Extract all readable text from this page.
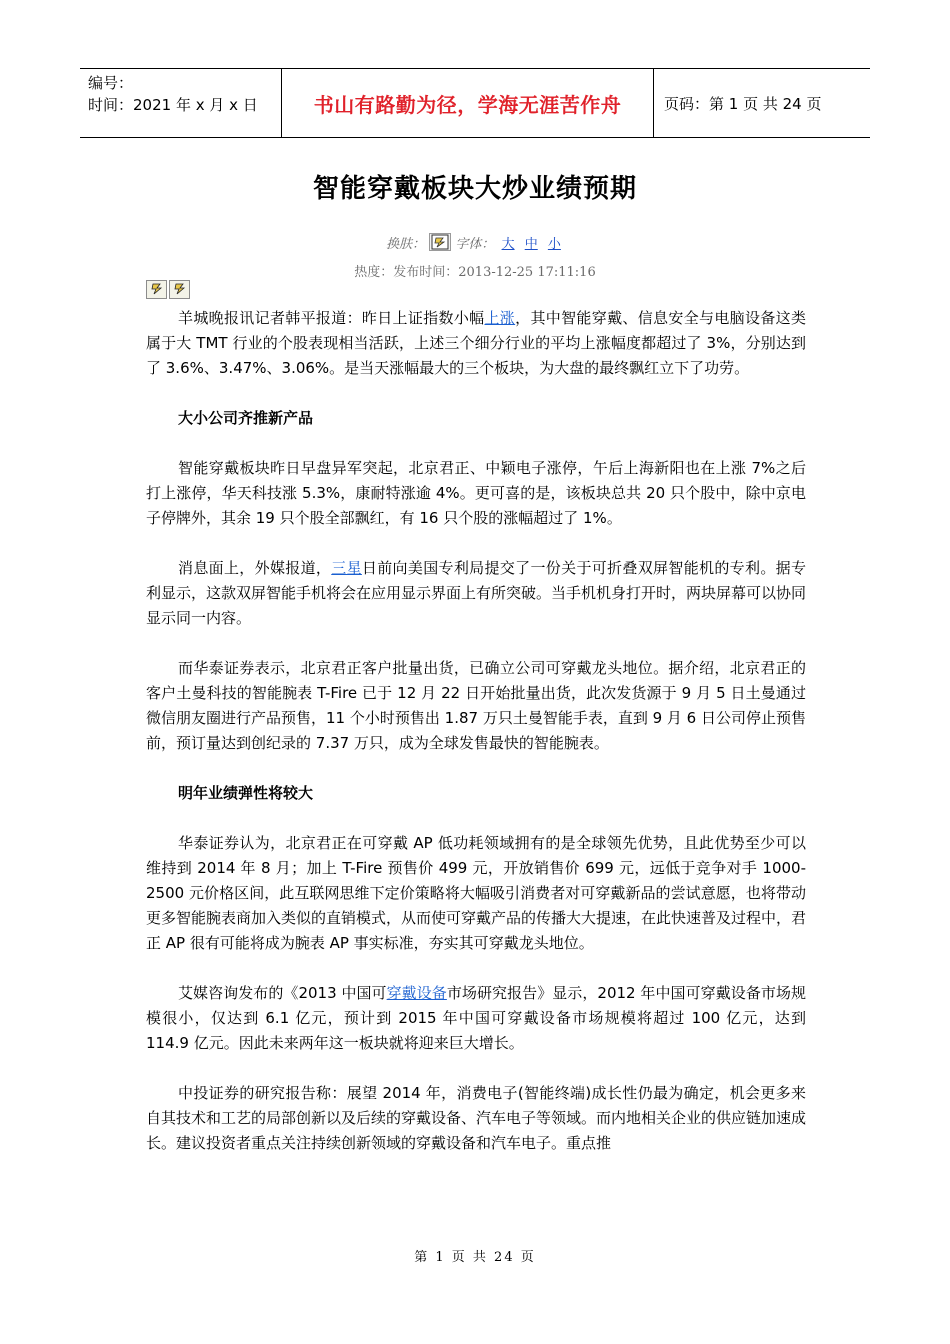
编号：
时间：2021 年 x 月 x 日	书山有路勤为径，学海无涯苦作舟	页码：第 1 页 共 24 页
智能穿戴板块大炒业绩预期
换肤： 字体： 大 中 小
热度：发布时间：2013-12-25 17:11:16

羊城晚报讯记者韩平报道：昨日上证指数小幅上涨，其中智能穿戴、信息安全与电脑设备这类属于大 TMT 行业的个股表现相当活跃，上述三个细分行业的平均上涨幅度都超过了 3%，分别达到了 3.6%、3.47%、3.06%。是当天涨幅最大的三个板块，为大盘的最终飘红立下了功劳。

大小公司齐推新产品

智能穿戴板块昨日早盘异军突起，北京君正、中颖电子涨停，午后上海新阳也在上涨 7%之后打上涨停，华天科技涨 5.3%，康耐特涨逾 4%。更可喜的是，该板块总共 20 只个股中，除中京电子停牌外，其余 19 只个股全部飘红，有 16 只个股的涨幅超过了 1%。

消息面上，外媒报道，三星日前向美国专利局提交了一份关于可折叠双屏智能机的专利。据专利显示，这款双屏智能手机将会在应用显示界面上有所突破。当手机机身打开时，两块屏幕可以协同显示同一内容。

而华泰证券表示，北京君正客户批量出货，已确立公司可穿戴龙头地位。据介绍，北京君正的客户土曼科技的智能腕表 T-Fire 已于 12 月 22 日开始批量出货，此次发货源于 9 月 5 日土曼通过微信朋友圈进行产品预售，11 个小时预售出 1.87 万只土曼智能手表，直到 9 月 6 日公司停止预售前，预订量达到创纪录的 7.37 万只，成为全球发售最快的智能腕表。

明年业绩弹性将较大

华泰证券认为，北京君正在可穿戴 AP 低功耗领域拥有的是全球领先优势，且此优势至少可以维持到 2014 年 8 月；加上 T-Fire 预售价 499 元，开放销售价 699 元，远低于竞争对手 1000-2500 元价格区间，此互联网思维下定价策略将大幅吸引消费者对可穿戴新品的尝试意愿，也将带动更多智能腕表商加入类似的直销模式，从而使可穿戴产品的传播大大提速，在此快速普及过程中，君正 AP 很有可能将成为腕表 AP 事实标准，夯实其可穿戴龙头地位。

艾媒咨询发布的《2013 中国可穿戴设备市场研究报告》显示，2012 年中国可穿戴设备市场规模很小，仅达到 6.1 亿元，预计到 2015 年中国可穿戴设备市场规模将超过 100 亿元，达到 114.9 亿元。因此未来两年这一板块就将迎来巨大增长。

中投证券的研究报告称：展望 2014 年，消费电子(智能终端)成长性仍最为确定，机会更多来自其技术和工艺的局部创新以及后续的穿戴设备、汽车电子等领域。而内地相关企业的供应链加速成长。建议投资者重点关注持续创新领域的穿戴设备和汽车电子。重点推

第 1 页 共 24 页
